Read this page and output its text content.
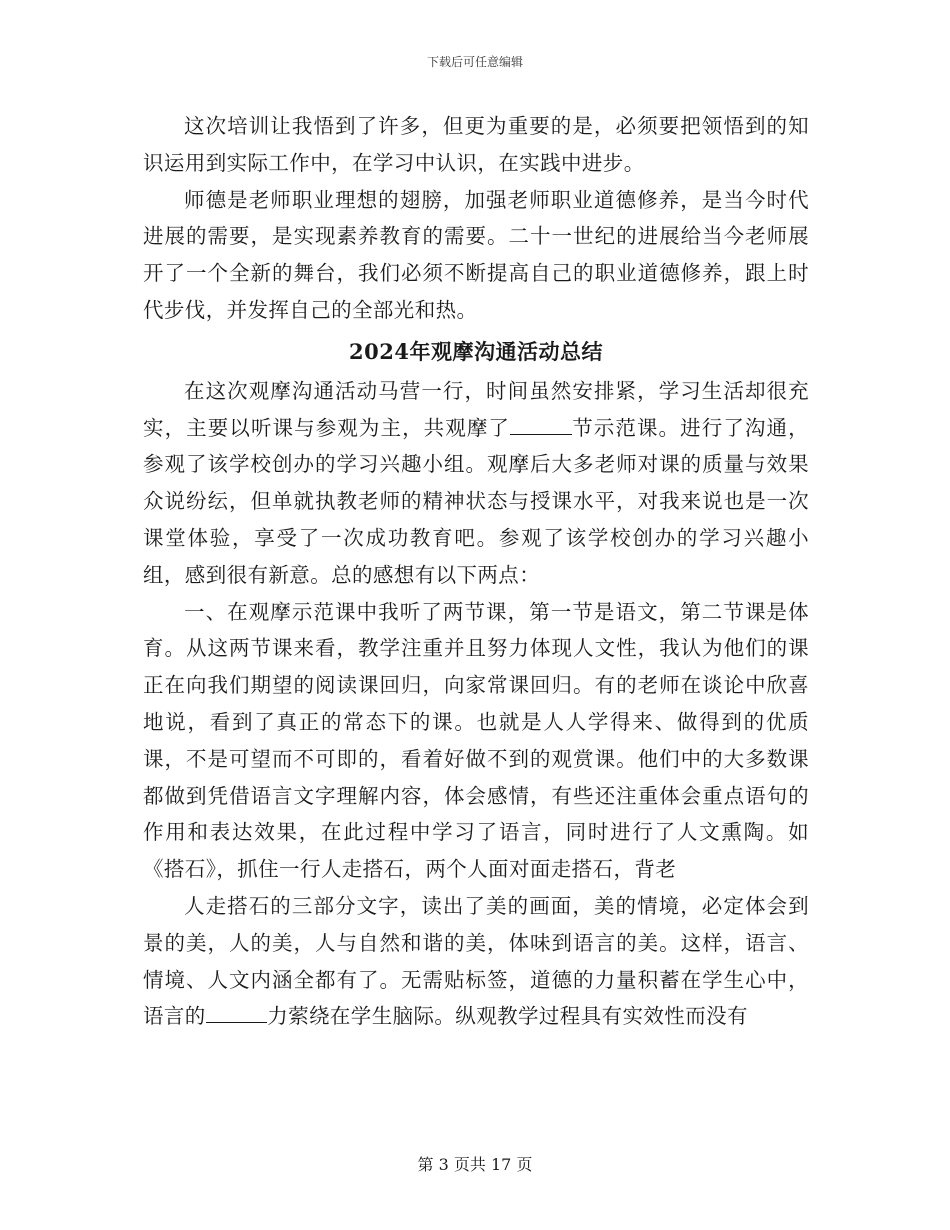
下载后可任意编辑

这次培训让我悟到了许多，但更为重要的是，必须要把领悟到的知识运用到实际工作中，在学习中认识，在实践中进步。

师德是老师职业理想的翅膀，加强老师职业道德修养，是当今时代进展的需要，是实现素养教育的需要。二十一世纪的进展给当今老师展开了一个全新的舞台，我们必须不断提高自己的职业道德修养，跟上时代步伐，并发挥自己的全部光和热。

2024年观摩沟通活动总结

在这次观摩沟通活动马营一行，时间虽然安排紧，学习生活却很充实，主要以听课与参观为主，共观摩了	节示范课。进行了沟通，参观了该学校创办的学习兴趣小组。观摩后大多老师对课的质量与效果众说纷纭，但单就执教老师的精神状态与授课水平，对我来说也是一次课堂体验，享受了一次成功教育吧。参观了该学校创办的学习兴趣小组，感到很有新意。总的感想有以下两点：

一、在观摩示范课中我听了两节课，第一节是语文，第二节课是体育。从这两节课来看，教学注重并且努力体现人文性，我认为他们的课正在向我们期望的阅读课回归，向家常课回归。有的老师在谈论中欣喜地说，看到了真正的常态下的课。也就是人人学得来、做得到的优质课，不是可望而不可即的，看着好做不到的观赏课。他们中的大多数课都做到凭借语言文字理解内容，体会感情，有些还注重体会重点语句的作用和表达效果，在此过程中学习了语言，同时进行了人文熏陶。如《搭石》，抓住一行人走搭石，两个人面对面走搭石，背老

人走搭石的三部分文字，读出了美的画面，美的情境，必定体会到景的美，人的美，人与自然和谐的美，体味到语言的美。这样，语言、情境、人文内涵全都有了。无需贴标签，道德的力量积蓄在学生心中，语言的	力萦绕在学生脑际。纵观教学过程具有实效性而没有

第 3 页共 17 页
